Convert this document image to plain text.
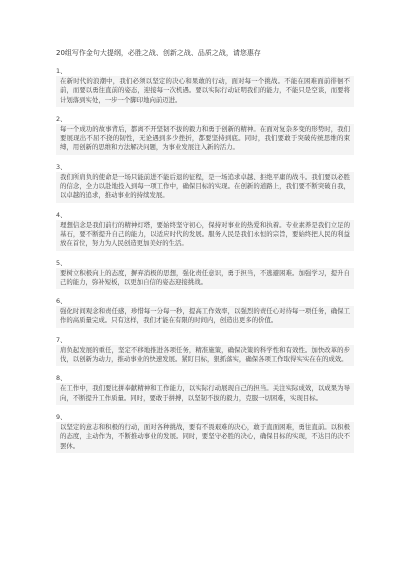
20组写作金句大提纲，必胜之战、创新之战、品质之战，请您惠存
1、
在新时代的浪潮中，我们必须以坚定的决心和果敢的行动，面对每一个挑战。不能在困难面前徘徊不前，而要以勇往直前的姿态，迎接每一次机遇。要以实际行动证明我们的能力，不能只是空谈，而要将计划落到实处，一步一个脚印地向前迈进。
2、
每一个成功的故事背后，都离不开坚韧不拔的毅力和勇于创新的精神。在面对复杂多变的形势时，我们要展现出不屈不挠的韧性，无论遇到多少挫折，都要坚持到底。同时，我们要敢于突破传统思维的束缚，用创新的思维和方法解决问题，为事业发展注入新的活力。
3、
我们所肩负的使命是一场只能前进不能后退的征程，是一场追求卓越、拒绝平庸的战斗。我们要以必胜的信念，全力以赴地投入到每一项工作中，确保目标的实现。在创新的道路上，我们要不断突破自我，以卓越的追求，推动事业的持续发展。
4、
理想信念是我们前行的精神灯塔，要始终坚守初心，保持对事业的热爱和执着。专业素养是我们立足的基石，要不断提升自己的能力，以适应时代的发展。服务人民是我们永恒的宗旨，要始终把人民的利益放在首位，努力为人民创造更加美好的生活。
5、
要树立积极向上的态度，摒弃消极的思想，强化责任意识，勇于担当，不逃避困难。加强学习，提升自己的能力，弥补短板，以更加自信的姿态迎接挑战。
6、
强化时间观念和责任感，珍惜每一分每一秒，提高工作效率，以强烈的责任心对待每一项任务，确保工作的高质量完成。只有这样，我们才能在有限的时间内，创造出更多的价值。
7、
肩负起发展的重任，坚定不移地推进各项任务，精准施策，确保决策的科学性和有效性。加快改革的步伐，以创新为动力，推动事业的快速发展。紧盯目标，狠抓落实，确保各项工作取得实实在在的成效。
8、
在工作中，我们要比拼奉献精神和工作能力，以实际行动展现自己的担当。关注实际成效，以成果为导向，不断提升工作质量。同时，要敢于拼搏，以坚韧不拔的毅力，克服一切困难，实现目标。
9、
以坚定的意志和积极的行动，面对各种挑战，要有不畏艰难的决心，敢于直面困难，勇往直前。以积极的态度，主动作为，不断推动事业的发展。同时，要坚守必胜的决心，确保目标的实现，不达目的决不罢休。
